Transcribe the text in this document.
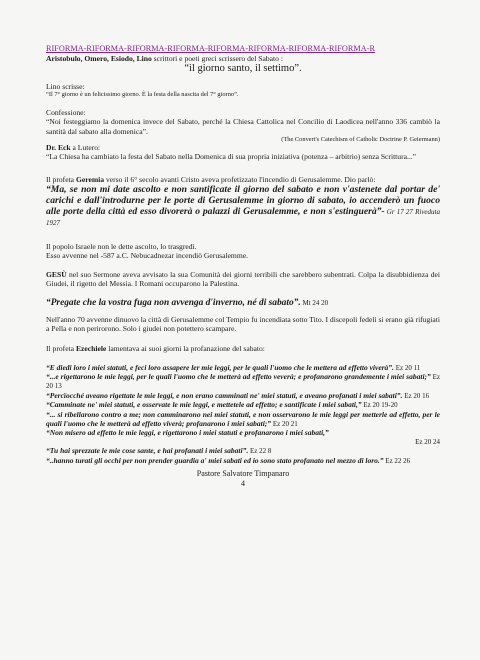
RIFORMA-RIFORMA-RIFORMA-RIFORMA-RIFORMA-RIFORMA-RIFORMA-RIFORMA-R

Aristobulo, Omero, Esiodo, Lino scrittori e poeti greci scrissero del Sabato :

“il giorno santo, il settimo”.

Lino scrisse:

“Il 7° giorno è un felicissimo giorno. È la festa della nascita del 7° giorno”.

Confessione:

“Noi festeggiamo la domenica invece del Sabato, perché la Chiesa Cattolica nel Concilio di Laodicea nell'anno 336 cambiò la santità dal sabato alla domenica”.

(The Convert's Catechism of Catholic Doctrine P. Geiermann)

Dr. Eck a Lutero:

“La Chiesa ha cambiato la festa del Sabato nella Domenica di sua propria iniziativa (potenza – arbitrio) senza Scrittura...”

Il profeta Geremia verso il 6° secolo avanti Cristo aveva profetizzato l'incendio di Gerusalemme. Dio parlò:

“Ma, se non mi date ascolto e non santificate il giorno del sabato e non v'astenete dal portar de' carichi e dall'introdurne per le porte di Gerusalemme in giorno di sabato, io accenderò un fuoco alle porte della città ed esso divorerà o palazzi di Gerusalemme, e non s'estinguerà”- Gr 17 27 Riveduta 1927

Il popolo Israele non le dette ascolto, lo trasgredì.

Esso avvenne nel -587 a.C. Nebucadnezar incendiò Gerusalemme.

GESÙ nel suo Sermone aveva avvisato la sua Comunità dei giorni terribili che sarebbero subentrati. Colpa la disubbidienza dei Giudei, il rigetto del Messia. I Romani occuparono la Palestina.

“Pregate che la vostra fuga non avvenga d'inverno, né di sabato”. Mt 24 20

Nell'anno 70 avvenne dinuovo la città di Gerusalemme col Tempio fu incendiata sotto Tito. I discepoli fedeli si erano già rifugiati a Pella e non perirorono. Solo i giudei non potettero scampare.

Il profeta Ezechiele lamentava ai suoi giorni la profanazione del sabato:

“E diedi loro i miei statuti, e feci loro assapere ler mie leggi, per le quali l'uomo che le mettera ad effetto viverà”. Ez 20 11

“...e rigettarono le mie leggi, per le quali l'uomo che le metterà ad effetto veverà; e profanarono grandemente i miei sabati;” Ez 20 13

“Percïocché aveano rigettate le mie leggi, e non erano camminati ne' miei statuti, e aveano profanati i miei sabati”. Ez 20 16

“Camminate ne' miei statuti, e osservate le mie leggi, e mettetele ad effetto; e santificate i miei sabati,” Ez 20 19-20

“... si ribellarono contro a me; non camminarono nei miei statuti, e non osservarono le mie leggi per metterle ad effetto, per le quali l'uomo che le metterà ad effetto viverà; profanarono i miei sabati;” Ez 20 21

“Non misero ad effetto le mie leggi, e rigettarono i miei statuti e profanarono i miei sabati,”

Ez 20 24

“Tu hai sprezzate le mie cose sante, e hai profanati i miei sabati”. Ez 22 8

“..hanno turati gli occhi per non prender guardia a' miei sabati ed io sono stato profanato nel mezzo di loro.” Ez 22 26

Pastore Salvatore Timpanaro

4
